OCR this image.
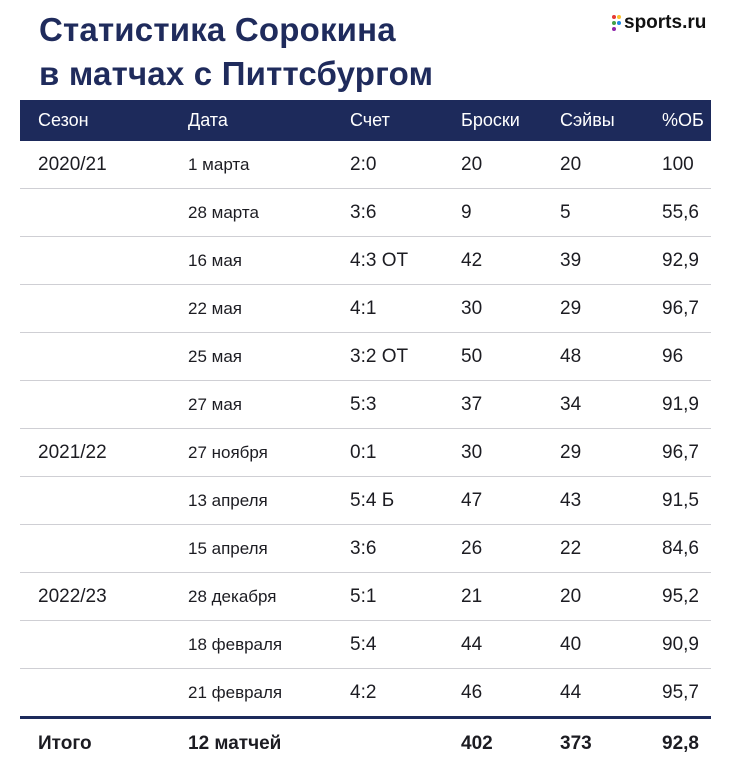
Статистика Сорокина
в матчах с Питтсбургом
sports.ru
Сезон	Дата	Счет	Броски	Сэйвы	%ОБ
2020/21	1 марта	2:0	20	20	100
	28 марта	3:6	9	5	55,6
	16 мая	4:3 ОТ	42	39	92,9
	22 мая	4:1	30	29	96,7
	25 мая	3:2 ОТ	50	48	96
	27 мая	5:3	37	34	91,9
2021/22	27 ноября	0:1	30	29	96,7
	13 апреля	5:4 Б	47	43	91,5
	15 апреля	3:6	26	22	84,6
2022/23	28 декабря	5:1	21	20	95,2
	18 февраля	5:4	44	40	90,9
	21 февраля	4:2	46	44	95,7
Итого	12 матчей		402	373	92,8
